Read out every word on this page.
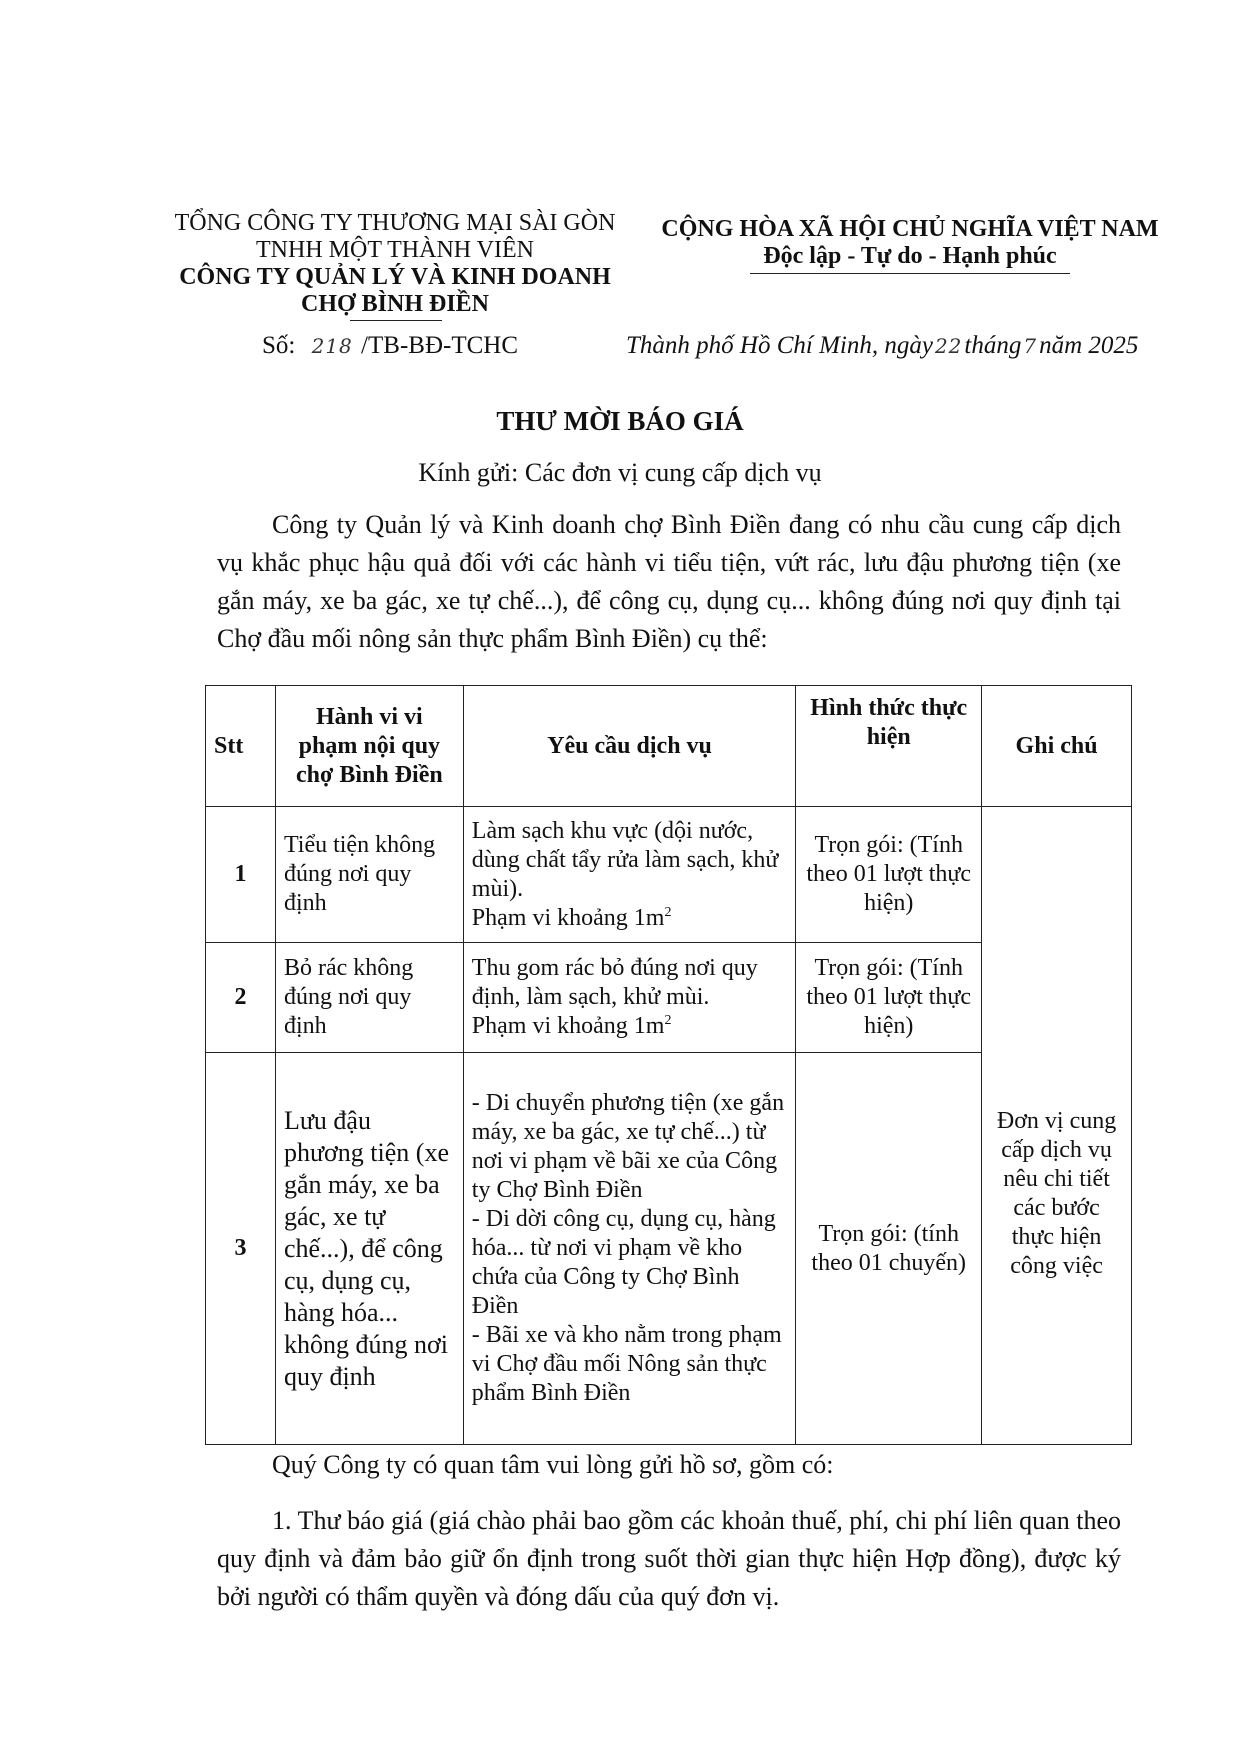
TỔNG CÔNG TY THƯƠNG MẠI SÀI GÒN
TNHH MỘT THÀNH VIÊN
CÔNG TY QUẢN LÝ VÀ KINH DOANH
CHỢ BÌNH ĐIỀN
Số: 218 /TB-BĐ-TCHC
CỘNG HÒA XÃ HỘI CHỦ NGHĨA VIỆT NAM
Độc lập - Tự do - Hạnh phúc
Thành phố Hồ Chí Minh, ngày 22tháng 7năm 2025
THƯ MỜI BÁO GIÁ
Kính gửi: Các đơn vị cung cấp dịch vụ
Công ty Quản lý và Kinh doanh chợ Bình Điền đang có nhu cầu cung cấp dịch vụ khắc phục hậu quả đối với các hành vi tiểu tiện, vứt rác, lưu đậu phương tiện (xe gắn máy, xe ba gác, xe tự chế...), để công cụ, dụng cụ... không đúng nơi quy định tại Chợ đầu mối nông sản thực phẩm Bình Điền) cụ thể:
Stt	Hành vi vi phạm nội quy chợ Bình Điền	Yêu cầu dịch vụ	Hình thức thực hiện	Ghi chú
1	Tiểu tiện không đúng nơi quy định	Làm sạch khu vực (dội nước, dùng chất tẩy rửa làm sạch, khử mùi).
Phạm vi khoảng $1m^2$	Trọn gói: (Tính theo 01 lượt thực hiện)	Đơn vị cung cấp dịch vụ nêu chi tiết các bước thực hiện công việc
2	Bỏ rác không đúng nơi quy định	Thu gom rác bỏ đúng nơi quy định, làm sạch, khử mùi.
Phạm vi khoảng $1m^2$	Trọn gói: (Tính theo 01 lượt thực hiện)	
3	Lưu đậu phương tiện (xe gắn máy, xe ba gác, xe tự chế...), để công cụ, dụng cụ, hàng hóa... không đúng nơi quy định	- Di chuyển phương tiện (xe gắn máy, xe ba gác, xe tự chế...) từ nơi vi phạm về bãi xe của Công ty Chợ Bình Điền
- Di dời công cụ, dụng cụ, hàng hóa... từ nơi vi phạm về kho chứa của Công ty Chợ Bình Điền
- Bãi xe và kho nằm trong phạm vi Chợ đầu mối Nông sản thực phẩm Bình Điền	Trọn gói: (tính theo 01 chuyến)	
Quý Công ty có quan tâm vui lòng gửi hồ sơ, gồm có:
1. Thư báo giá (giá chào phải bao gồm các khoản thuế, phí, chi phí liên quan theo quy định và đảm bảo giữ ổn định trong suốt thời gian thực hiện Hợp đồng), được ký bởi người có thẩm quyền và đóng dấu của quý đơn vị.
